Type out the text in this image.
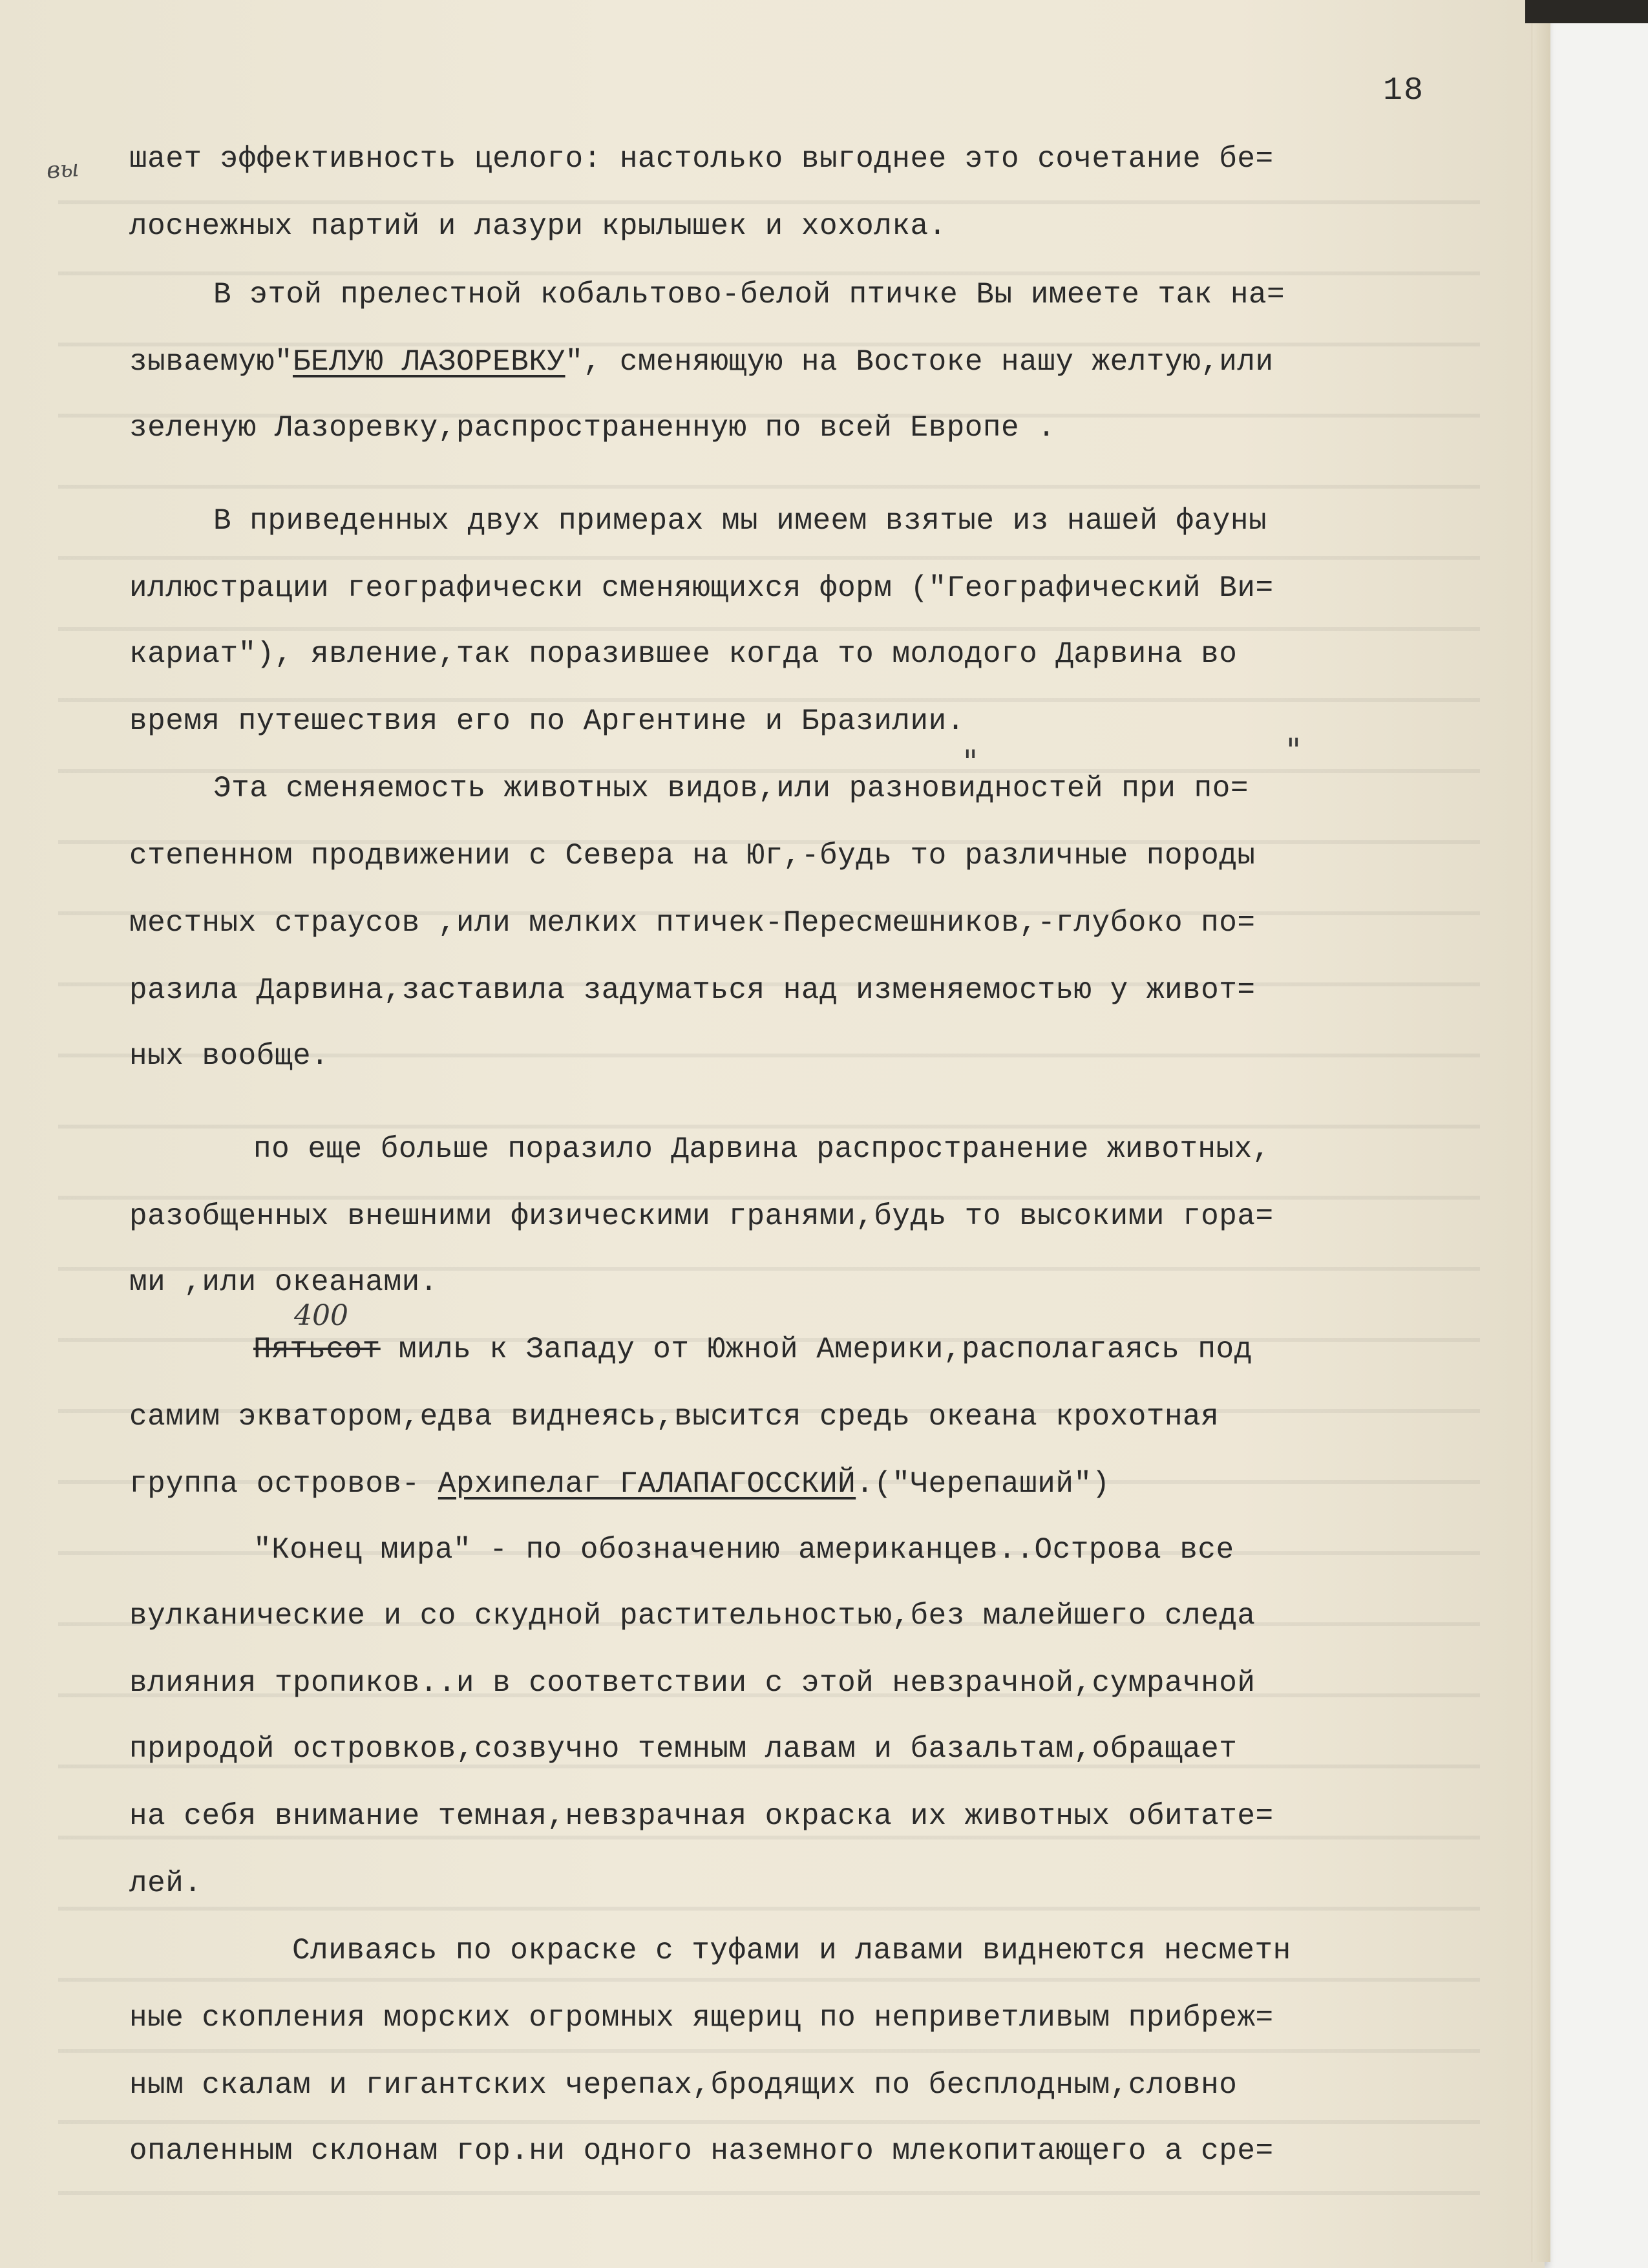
18
вы шает эффективность целого: настолько выгоднее это сочетание бе=
лоснежных партий и лазури крылышек и хохолка.
В этой прелестной кобальтово-белой птичке Вы имеете так на=
зываемую"БЕЛУЮ ЛАЗОРЕВКУ", сменяющую на Востоке нашу желтую,или
зеленую Лазоревку,распространенную по всей Европе .
В приведенных двух примерах мы имеем взятые из нашей фауны
иллюстрации географически сменяющихся форм ("Географический Ви=
кариат"), явление,так поразившее когда то молодого Дарвина во
время путешествия его по Аргентине и Бразилии.
"	"
Эта сменяемость животных видов,или разновидностей при по=
степенном продвижении с Севера на Юг,-будь то различные породы
местных страусов ,или мелких птичек-Пересмешников,-глубоко по=
разила Дарвина,заставила задуматься над изменяемостью у живот=
ных вообще.
по еще больше поразило Дарвина распространение животных,
разобщенных внешними физическими гранями,будь то высокими гора=
ми ,или океанами.
400
Пятьсот миль к Западу от Южной Америки,располагаясь под
самим экватором,едва виднеясь,высится средь океана крохотная
группа островов- Архипелаг ГАЛАПАГОССКИЙ.("Черепаший")
"Конец мира" - по обозначению американцев..Острова все
вулканические и со скудной растительностью,без малейшего следа
влияния тропиков..и в соответствии с этой невзрачной,сумрачной
природой островков,созвучно темным лавам и базальтам,обращает
на себя внимание темная,невзрачная окраска их животных обитате=
лей.
Сливаясь по окраске с туфами и лавами виднеются несметн
ные скопления морских огромных ящериц по неприветливым прибреж=
ным скалам и гигантских черепах,бродящих по бесплодным,словно
опаленным склонам гор.ни одного наземного млекопитающего а сре=
